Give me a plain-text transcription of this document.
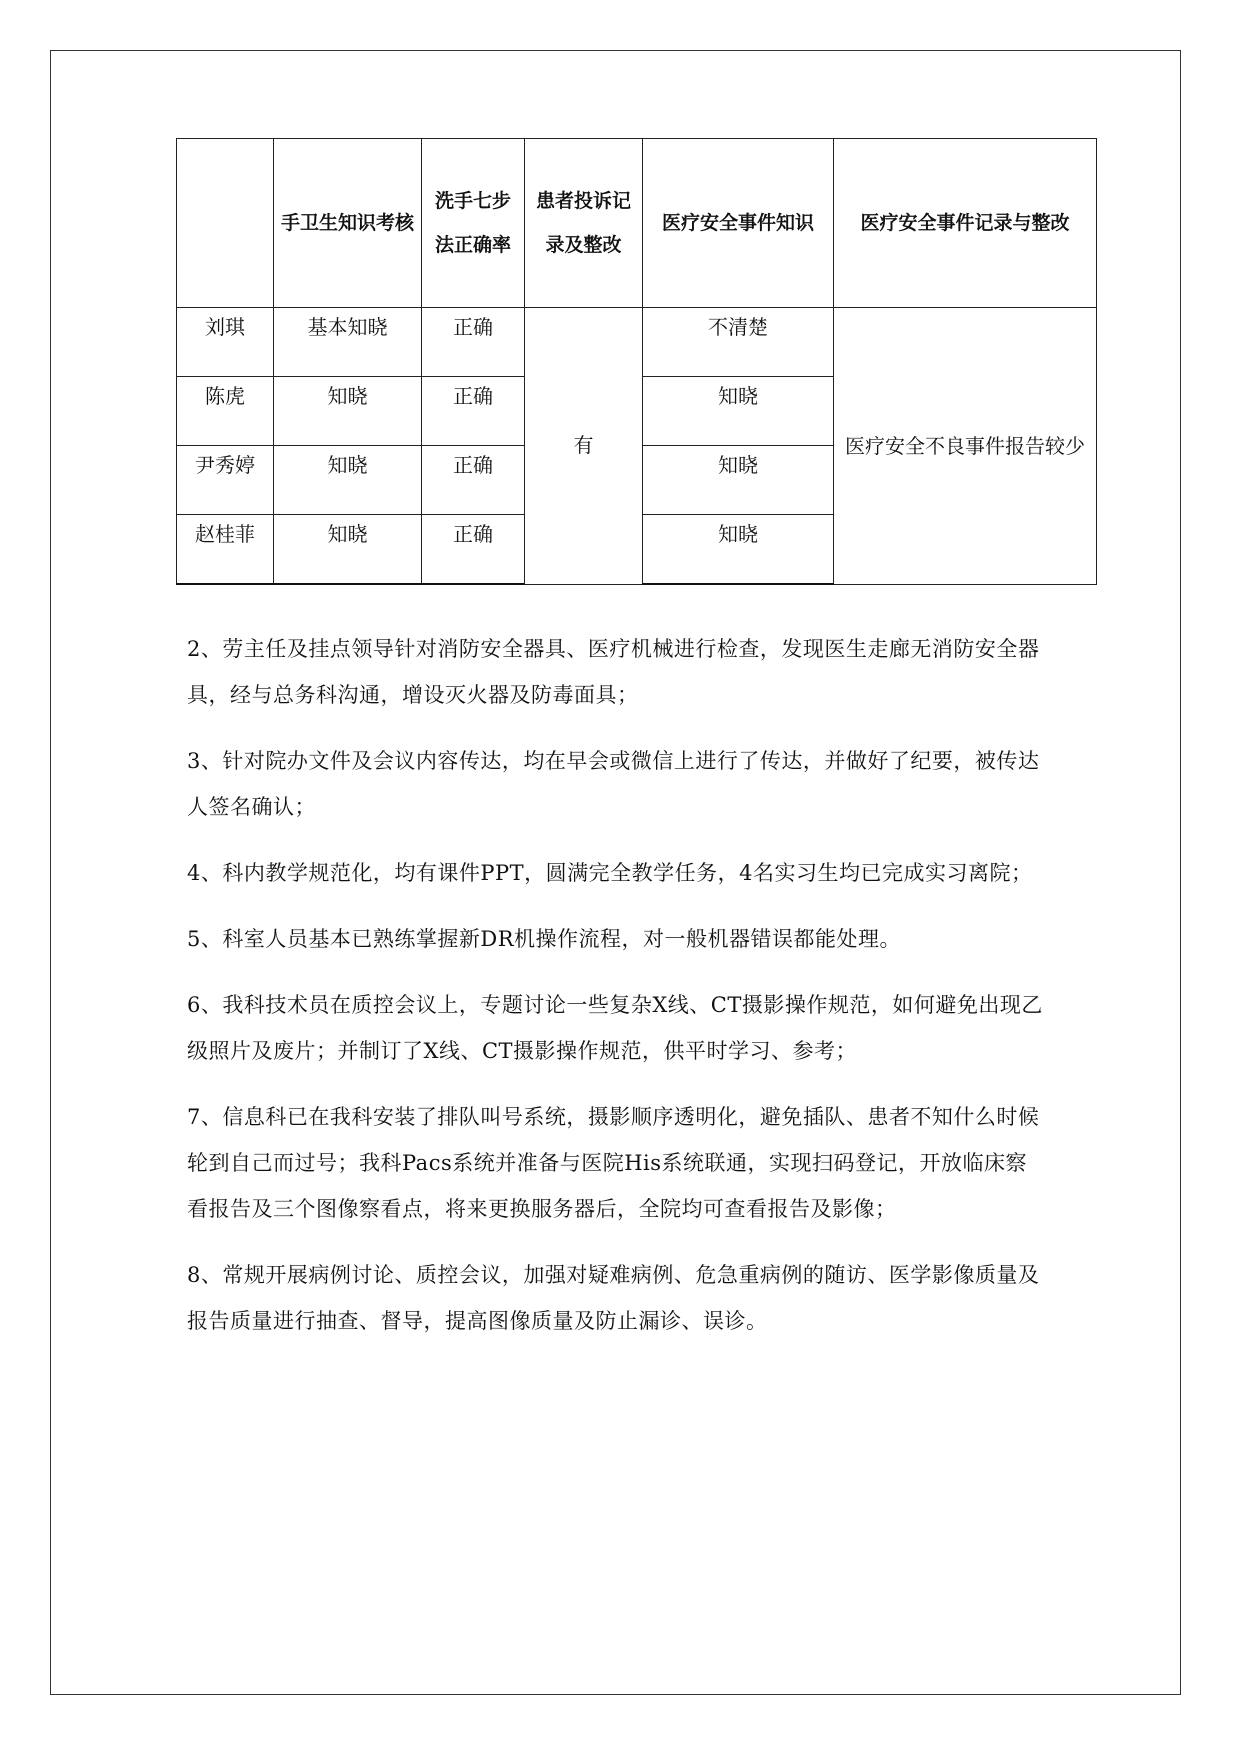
	手卫生知识考核	洗手七步法正确率	患者投诉记录及整改	医疗安全事件知识	医疗安全事件记录与整改
刘琪	基本知晓	正确	有	不清楚	医疗安全不良事件报告较少
陈虎	知晓	正确		知晓	
尹秀婷	知晓	正确		知晓	
赵桂菲	知晓	正确		知晓	

2、劳主任及挂点领导针对消防安全器具、医疗机械进行检查，发现医生走廊无消防安全器具，经与总务科沟通，增设灭火器及防毒面具；

3、针对院办文件及会议内容传达，均在早会或微信上进行了传达，并做好了纪要，被传达人签名确认；

4、科内教学规范化，均有课件PPT，圆满完全教学任务，4名实习生均已完成实习离院；

5、科室人员基本已熟练掌握新DR机操作流程，对一般机器错误都能处理。

6、我科技术员在质控会议上，专题讨论一些复杂X线、CT摄影操作规范，如何避免出现乙级照片及废片；并制订了X线、CT摄影操作规范，供平时学习、参考；

7、信息科已在我科安装了排队叫号系统，摄影顺序透明化，避免插队、患者不知什么时候轮到自己而过号；我科Pacs系统并准备与医院His系统联通，实现扫码登记，开放临床察看报告及三个图像察看点，将来更换服务器后，全院均可查看报告及影像；

8、常规开展病例讨论、质控会议，加强对疑难病例、危急重病例的随访、医学影像质量及报告质量进行抽查、督导，提高图像质量及防止漏诊、误诊。
